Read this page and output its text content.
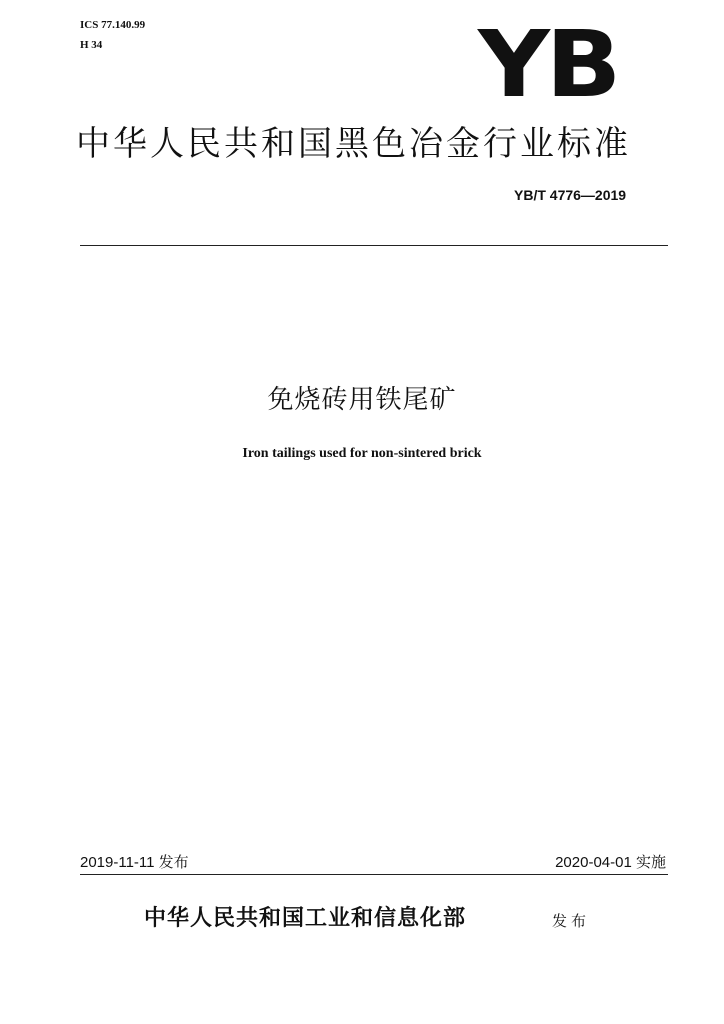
ICS 77.140.99
H 34	YB
中华人民共和国黑色冶金行业标准
YB/T 4776—2019
免烧砖用铁尾矿
Iron tailings used for non-sintered brick
2019-11-11 发布	2020-04-01 实施
中华人民共和国工业和信息化部	发布
